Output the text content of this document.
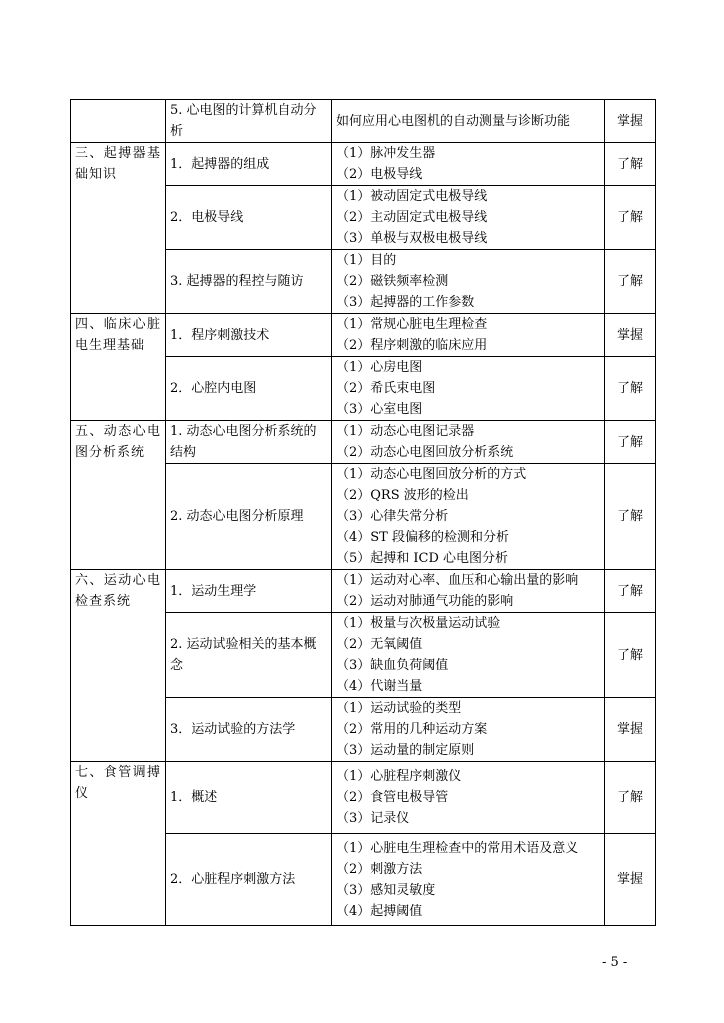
	5. 心电图的计算机自动分析	如何应用心电图机的自动测量与诊断功能	掌握
三、起搏器基础知识	1．起搏器的组成	（1）脉冲发生器
（2）电极导线	了解
	2．电极导线	（1）被动固定式电极导线
（2）主动固定式电极导线
（3）单极与双极电极导线	了解
	3. 起搏器的程控与随访	（1）目的
（2）磁铁频率检测
（3）起搏器的工作参数	了解
四、临床心脏电生理基础	1．程序刺激技术	（1）常规心脏电生理检查
（2）程序刺激的临床应用	掌握
	2．心腔内电图	（1）心房电图
（2）希氏束电图
（3）心室电图	了解
五、动态心电图分析系统	1. 动态心电图分析系统的结构	（1）动态心电图记录器
（2）动态心电图回放分析系统	了解
	2. 动态心电图分析原理	（1）动态心电图回放分析的方式
（2）QRS 波形的检出
（3）心律失常分析
（4）ST 段偏移的检测和分析
（5）起搏和 ICD 心电图分析	了解
六、运动心电检查系统	1．运动生理学	（1）运动对心率、血压和心输出量的影响
（2）运动对肺通气功能的影响	了解
	2. 运动试验相关的基本概念	（1）极量与次极量运动试验
（2）无氧阈值
（3）缺血负荷阈值
（4）代谢当量	了解
	3．运动试验的方法学	（1）运动试验的类型
（2）常用的几种运动方案
（3）运动量的制定原则	掌握
七、食管调搏仪	1．概述	（1）心脏程序刺激仪
（2）食管电极导管
（3）记录仪	了解
	2．心脏程序刺激方法	（1）心脏电生理检查中的常用术语及意义
（2）刺激方法
（3）感知灵敏度
（4）起搏阈值	掌握
- 5 -
